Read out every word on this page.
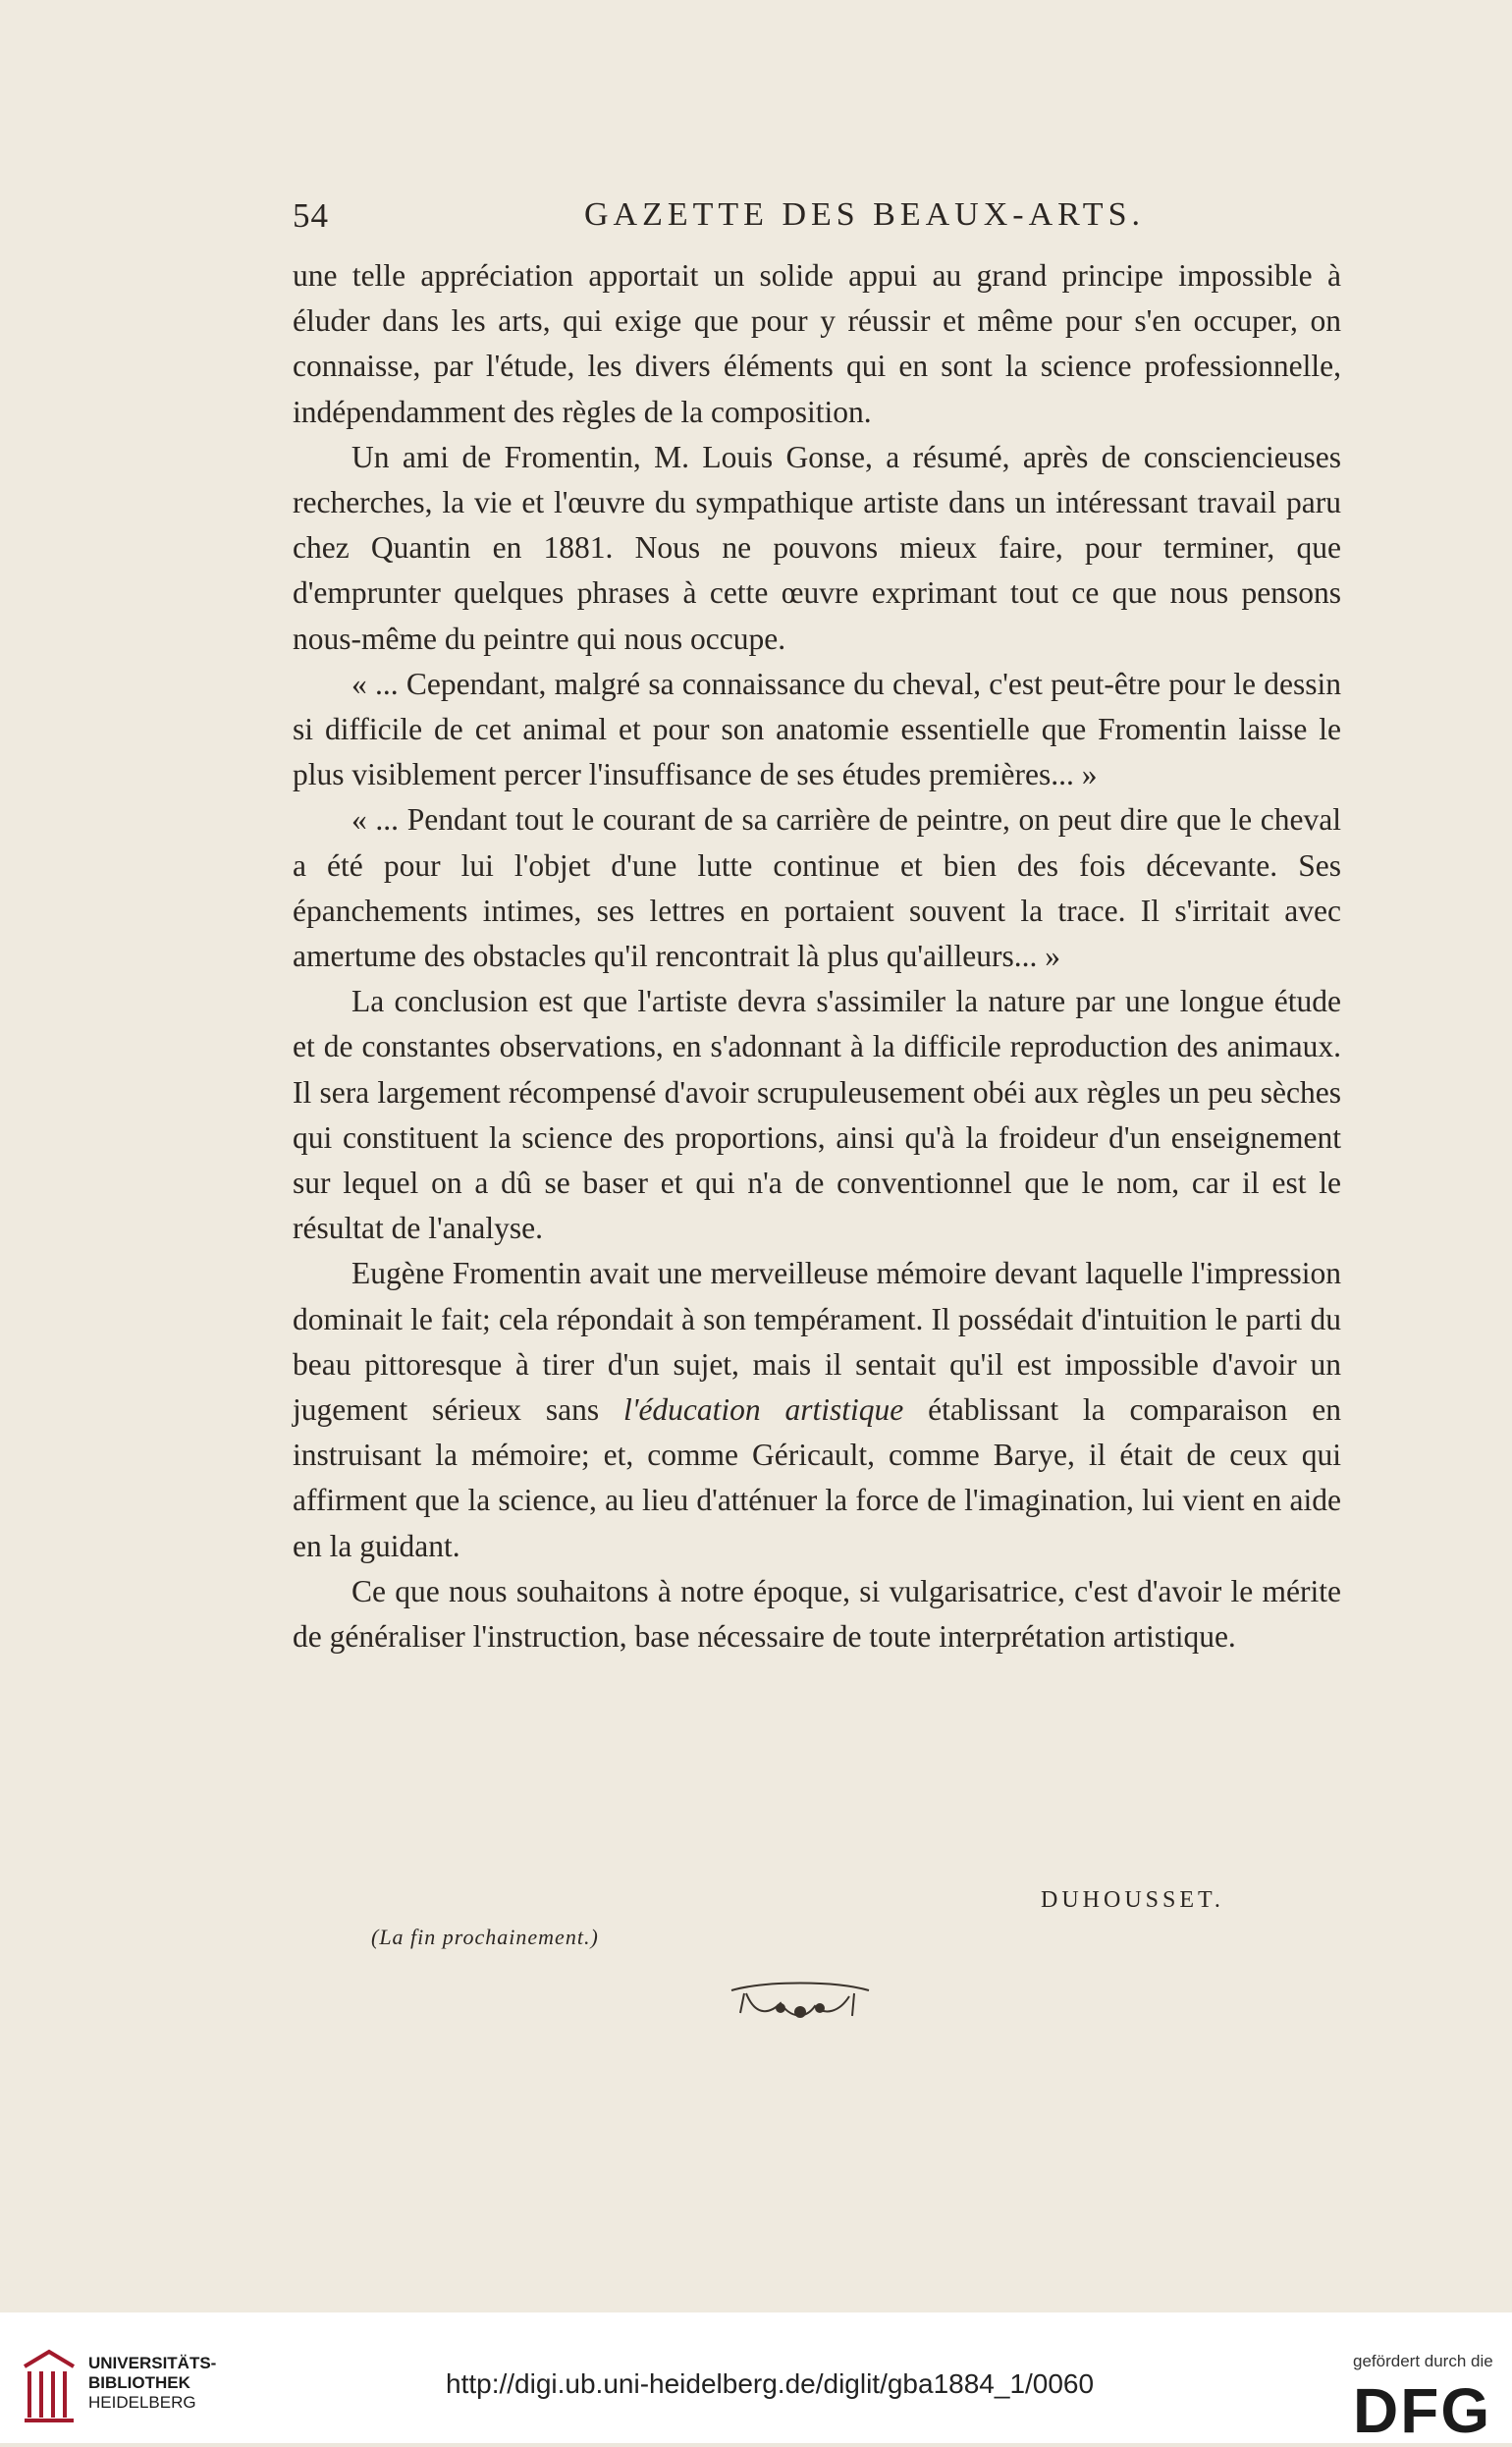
54	GAZETTE DES BEAUX-ARTS.

une telle appréciation apportait un solide appui au grand principe impossible à éluder dans les arts, qui exige que pour y réussir et même pour s'en occuper, on connaisse, par l'étude, les divers éléments qui en sont la science professionnelle, indépendamment des règles de la composition.

Un ami de Fromentin, M. Louis Gonse, a résumé, après de consciencieuses recherches, la vie et l'œuvre du sympathique artiste dans un intéressant travail paru chez Quantin en 1881. Nous ne pouvons mieux faire, pour terminer, que d'emprunter quelques phrases à cette œuvre exprimant tout ce que nous pensons nous-même du peintre qui nous occupe.

« ... Cependant, malgré sa connaissance du cheval, c'est peut-être pour le dessin si difficile de cet animal et pour son anatomie essentielle que Fromentin laisse le plus visiblement percer l'insuffisance de ses études premières... »

« ... Pendant tout le courant de sa carrière de peintre, on peut dire que le cheval a été pour lui l'objet d'une lutte continue et bien des fois décevante. Ses épanchements intimes, ses lettres en portaient souvent la trace. Il s'irritait avec amertume des obstacles qu'il rencontrait là plus qu'ailleurs... »

La conclusion est que l'artiste devra s'assimiler la nature par une longue étude et de constantes observations, en s'adonnant à la difficile reproduction des animaux. Il sera largement récompensé d'avoir scrupuleusement obéi aux règles un peu sèches qui constituent la science des proportions, ainsi qu'à la froideur d'un enseignement sur lequel on a dû se baser et qui n'a de conventionnel que le nom, car il est le résultat de l'analyse.

Eugène Fromentin avait une merveilleuse mémoire devant laquelle l'impression dominait le fait; cela répondait à son tempérament. Il possédait d'intuition le parti du beau pittoresque à tirer d'un sujet, mais il sentait qu'il est impossible d'avoir un jugement sérieux sans l'éducation artistique établissant la comparaison en instruisant la mémoire; et, comme Géricault, comme Barye, il était de ceux qui affirment que la science, au lieu d'atténuer la force de l'imagination, lui vient en aide en la guidant.

Ce que nous souhaitons à notre époque, si vulgarisatrice, c'est d'avoir le mérite de généraliser l'instruction, base nécessaire de toute interprétation artistique.

DUHOUSSET.
(La fin prochainement.)
UNIVERSITÄTS-
BIBLIOTHEK
HEIDELBERG
http://digi.ub.uni-heidelberg.de/diglit/gba1884_1/0060
gefördert durch die
DFG
